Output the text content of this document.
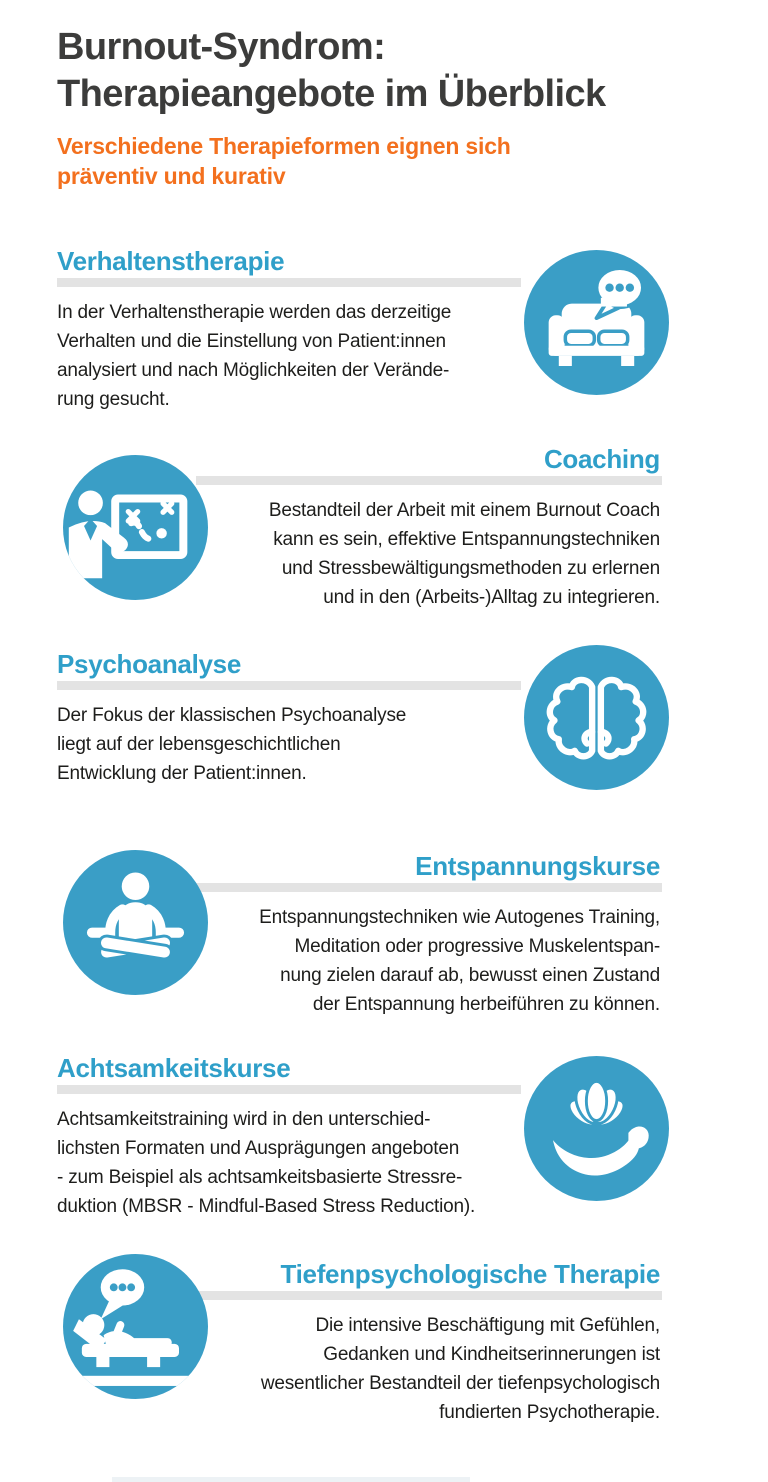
Burnout-Syndrom:
Therapieangebote im Überblick
Verschiedene Therapieformen eignen sich
präventiv und kurativ
Verhaltenstherapie
In der Verhaltenstherapie werden das derzeitige
Verhalten und die Einstellung von Patient:innen
analysiert und nach Möglichkeiten der Verände-
rung gesucht.
Coaching
Bestandteil der Arbeit mit einem Burnout Coach
kann es sein, effektive Entspannungstechniken
und Stressbewältigungsmethoden zu erlernen
und in den (Arbeits-)Alltag zu integrieren.
Psychoanalyse
Der Fokus der klassischen Psychoanalyse
liegt auf der lebensgeschichtlichen
Entwicklung der Patient:innen.
Entspannungskurse
Entspannungstechniken wie Autogenes Training,
Meditation oder progressive Muskelentspan-
nung zielen darauf ab, bewusst einen Zustand
der Entspannung herbeiführen zu können.
Achtsamkeitskurse
Achtsamkeitstraining wird in den unterschied-
lichsten Formaten und Ausprägungen angeboten
- zum Beispiel als achtsamkeitsbasierte Stressre-
duktion (MBSR - Mindful-Based Stress Reduction).
Tiefenpsychologische Therapie
Die intensive Beschäftigung mit Gefühlen,
Gedanken und Kindheitserinnerungen ist
wesentlicher Bestandteil der tiefenpsychologisch
fundierten Psychotherapie.
